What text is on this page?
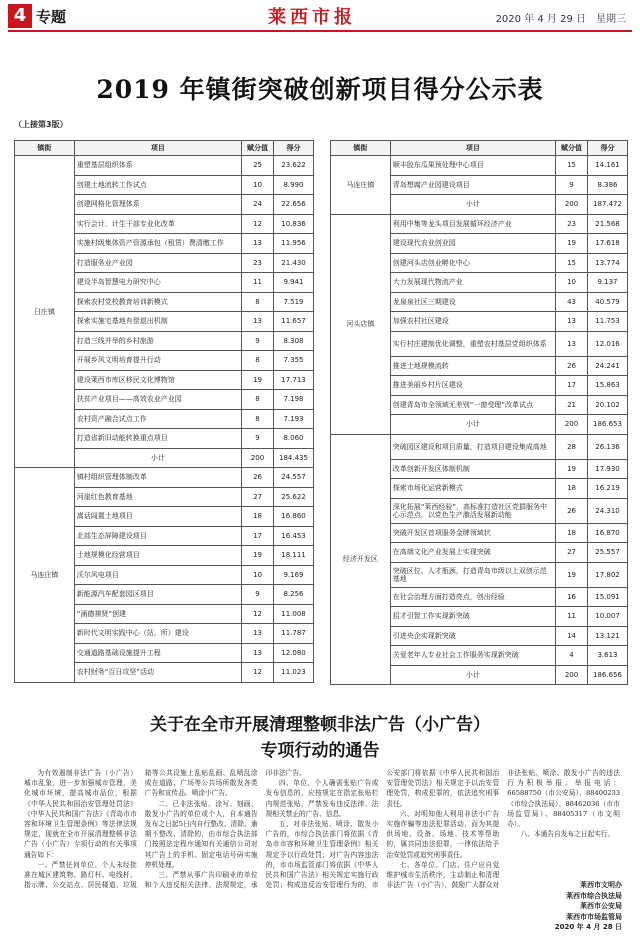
4 专题	莱西市报	2020 年 4 月 29 日　星期三
2019 年镇街突破创新项目得分公示表
（上接第3版）
镇街	项目	赋分值	得分
日庄镇	重塑基层组织体系	25	23.622
	创建土地流转工作试点	10	8.990
	创建网格化管理体系	24	22.656
	实行会计、计生干部专业化改革	12	10.836
	实施村级集体资产资源承包（租赁）费清缴工作	13	11.956
	打造服务业产业园	23	21.430
	建设半岛智慧电力研究中心	11	9.941
	探索农村党校教育培训新模式	8	7.519
	探索实施宅基地有偿退出机制	13	11.657
	打造三线并举的乡村旅游	9	8.308
	开展乡风文明培育提升行动	8	7.355
	建设莱西市库区移民文化博物馆	19	17.713
	扶贫产业项目——高效农业产业园	8	7.198
	农村资产融合试点工作	8	7.193
	打造省新旧动能转换重点项目	9	8.060
	小计	200	184.435
马连庄镇	镇村组织管理体制改革	26	24.557
	河崖红色教育基地	27	25.622
	嵩话闾置土地项目	18	16.860
	北部生态屏障建设项目	17	16.453
	土地规模化经营项目	19	18.111
	沃尔风电项目	10	9.169
	新能源汽车配套园区项目	9	8.256
	“涌德祺贤”创建	12	11.008
	新时代文明实践中心（站、所）建设	13	11.787
	交通道路基础设施提升工程	13	12.080
	农村财务“百日攻坚”活动	12	11.023
镇街	项目	赋分值	得分
马连庄镇	顺丰胶东瓜果预处理中心项目	15	14.161
	青岛想腐产业园建设项目	9	8.386
	小计	200	187.472
河头店镇	利用中集等龙头项目发展循环经济产业	23	21.568
	建设现代农业创业园	19	17.618
	创建河头店创业孵化中心	15	13.774
	大力发展现代物流产业	10	9.137
	龙泉泉社区三期建设	43	40.579
	加强农村社区建设	13	11.753
	实行村庄建制优化调整，重塑农村基层党组织体系	13	12.016
	推进土地规模流转	26	24.241
	推进美丽乡村片区建设	17	15.863
	创建青岛市全领域无差别“一窗受理”改革试点	21	20.102
	小计	200	186.653
经济开发区	突破园区建设和项目质量，打造项目建设集成高地	28	26.136
	改革创新开发区体制机制	19	17.930
	探索市场化运营新模式	18	16.219
	深化拓展“莱西经验”，高标准打造社区党群服务中心示范点，以党色生产激活发展新动能	26	24.310
	突破开发区首项服务金牌领域状	18	16.870
	在高端文化产业发展上实现突破	27	25.557
	突破区位、人才瓶颈，打造青岛市级以上双创示范基地	19	17.802
	在社会治理方面打造亮点，创出经验	16	15.091
	招才引智工作实现新突破	11	10.007
	引进央企实现新突破	14	13.121
	关爱老年人专业社会工作服务实现新突破	4	3.613
	小计	200	186.656
关于在全市开展清理整顿非法广告（小广告）
专项行动的通告

为有效遏制非法广告（小广告）城市乱象，进一步加强城市管理，美化城市环境，提高城市品位，根据《中华人民共和国治安管理处罚法》《中华人民共和国广告法》《青岛市市容和环境卫生管理条例》等法律法规规定，现就在全市开展清理整顿非法广告（小广告）专项行动的有关事项通告如下：

一、严禁任何单位、个人未经批准在城区建筑物、路灯杆、电线杆、指示牌、公交站点、居民楼道、垃圾箱等公共设施上乱贴乱画、乱喷乱涂或在道路、广场等公共场所散发各类广告和宣传品、喷涂小广告。

二、已非法张贴、涂写、刻画、散发小广告的单位或个人，自本通告发布之日起5日内自行整改、清除。逾期不整改、清除的，由市综合执法部门按照法定程序通知有关通信公司对其广告上的手机、固定电话号码实施停机处理。

三、严禁从事广告印刷业的单位和个人违反相关法律、法规规定，承印非法广告。

四、单位、个人确需张贴广告或发布信息的，应按规定在指定张贴栏内规范张贴，严禁发布违反法律、法规相关禁止的广告、信息。

五、对非法张贴、喷涂、散发小广告的，市综合执法部门将依据《青岛市市容和环境卫生管理条例》相关规定予以行政处罚；对广告内容违法的，市市场监管部门将依据《中华人民共和国广告法》相关规定实施行政处罚；构成违反治安管理行为的，市公安部门将依据《中华人民共和国治安管理处罚法》相关规定予以治安管理处罚，构成犯罪的，依法追究刑事责任。

六、对明知他人利用非法小广告实施诈骗等违法犯罪活动，而为其提供场地、设备、场地、技术等帮助的，属共同违法犯罪，一律依法给予治安处罚或追究刑事责任。

七、各单位、门店、住户应自觉维护城市生活秩序，主动制止和清理非法广告（小广告），鼓励广大群众对非法张贴、喷涂、散发小广告的违法行为积极举报。举报电话：66588750（市公安局）、88400233（市综合执法局）、88462036（市市场监管局）、88405317（市文明办）。

八、本通告自发布之日起实行。

莱西市文明办
莱西市综合执法局
莱西市公安局
莱西市市场监管局
2020 年 4 月 28 日
